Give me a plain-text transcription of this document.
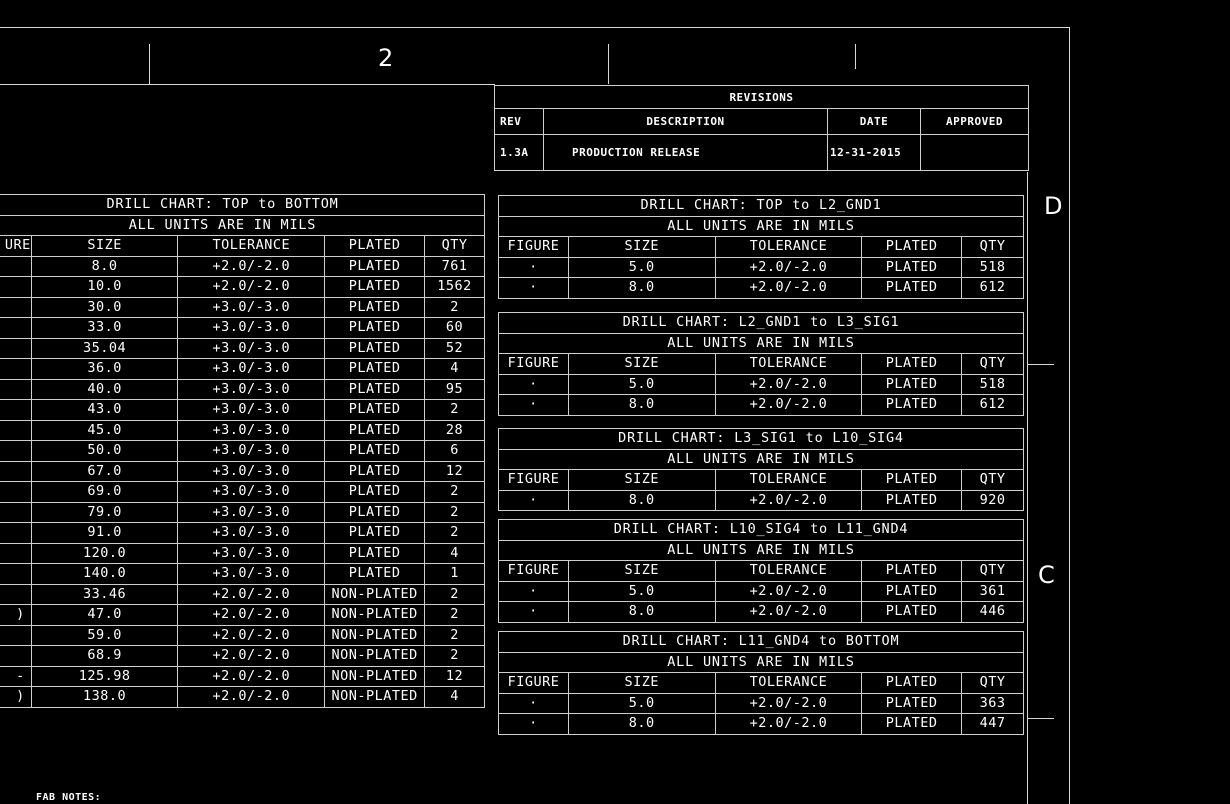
2
D
C
REVISIONS			
REV	DESCRIPTION	DATE	APPROVED
1.3A	PRODUCTION RELEASE	12-31-2015	
DRILL CHART: TOP to BOTTOM				
ALL UNITS ARE IN MILS				
URE	SIZE	TOLERANCE	PLATED	QTY
	8.0	+2.0/-2.0	PLATED	761
	10.0	+2.0/-2.0	PLATED	1562
	30.0	+3.0/-3.0	PLATED	2
	33.0	+3.0/-3.0	PLATED	60
	35.04	+3.0/-3.0	PLATED	52
	36.0	+3.0/-3.0	PLATED	4
	40.0	+3.0/-3.0	PLATED	95
	43.0	+3.0/-3.0	PLATED	2
	45.0	+3.0/-3.0	PLATED	28
	50.0	+3.0/-3.0	PLATED	6
	67.0	+3.0/-3.0	PLATED	12
	69.0	+3.0/-3.0	PLATED	2
	79.0	+3.0/-3.0	PLATED	2
	91.0	+3.0/-3.0	PLATED	2
	120.0	+3.0/-3.0	PLATED	4
	140.0	+3.0/-3.0	PLATED	1
	33.46	+2.0/-2.0	NON-PLATED	2
)	47.0	+2.0/-2.0	NON-PLATED	2
	59.0	+2.0/-2.0	NON-PLATED	2
	68.9	+2.0/-2.0	NON-PLATED	2
-	125.98	+2.0/-2.0	NON-PLATED	12
)	138.0	+2.0/-2.0	NON-PLATED	4
DRILL CHART: TOP to L2_GND1				
ALL UNITS ARE IN MILS				
FIGURE	SIZE	TOLERANCE	PLATED	QTY
·	5.0	+2.0/-2.0	PLATED	518
·	8.0	+2.0/-2.0	PLATED	612
DRILL CHART: L2_GND1 to L3_SIG1				
ALL UNITS ARE IN MILS				
FIGURE	SIZE	TOLERANCE	PLATED	QTY
·	5.0	+2.0/-2.0	PLATED	518
·	8.0	+2.0/-2.0	PLATED	612
DRILL CHART: L3_SIG1 to L10_SIG4				
ALL UNITS ARE IN MILS				
FIGURE	SIZE	TOLERANCE	PLATED	QTY
·	8.0	+2.0/-2.0	PLATED	920
DRILL CHART: L10_SIG4 to L11_GND4				
ALL UNITS ARE IN MILS				
FIGURE	SIZE	TOLERANCE	PLATED	QTY
·	5.0	+2.0/-2.0	PLATED	361
·	8.0	+2.0/-2.0	PLATED	446
DRILL CHART: L11_GND4 to BOTTOM				
ALL UNITS ARE IN MILS				
FIGURE	SIZE	TOLERANCE	PLATED	QTY
·	5.0	+2.0/-2.0	PLATED	363
·	8.0	+2.0/-2.0	PLATED	447
FAB NOTES:
